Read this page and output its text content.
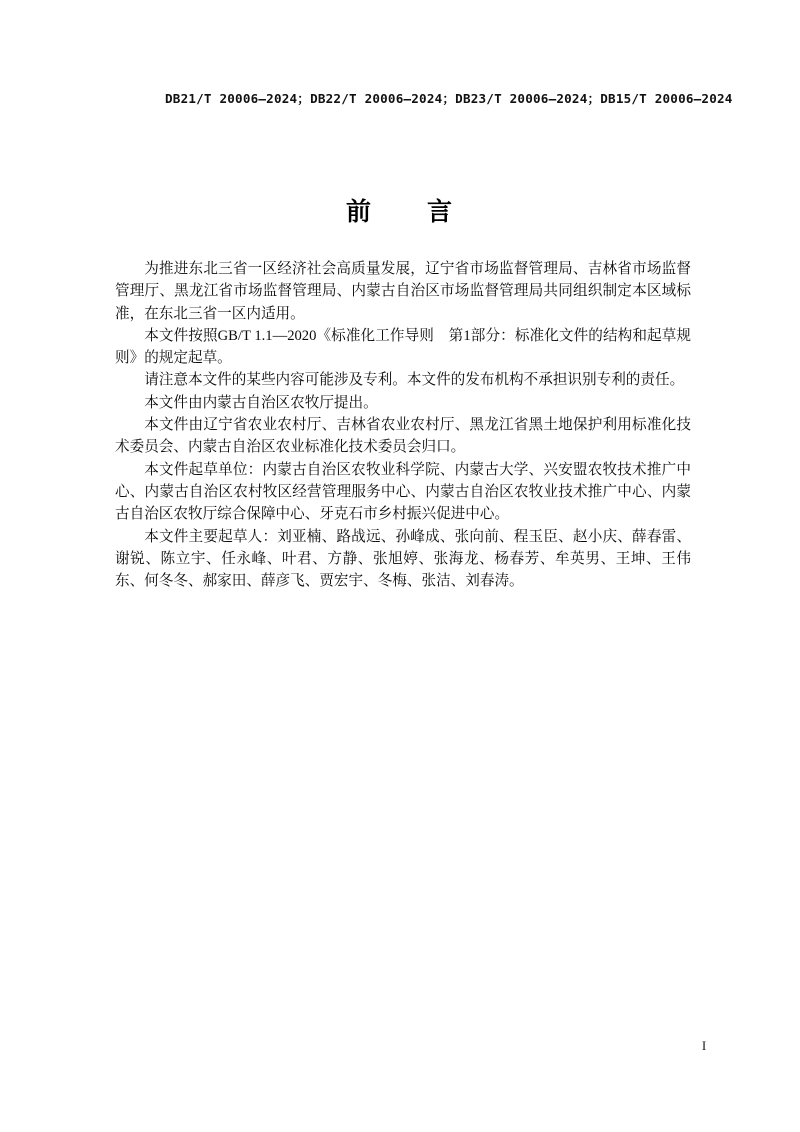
DB21/T 20006—2024；DB22/T 20006—2024；DB23/T 20006—2024；DB15/T 20006—2024
前　　言

为推进东北三省一区经济社会高质量发展，辽宁省市场监督管理局、吉林省市场监督管理厅、黑龙江省市场监督管理局、内蒙古自治区市场监督管理局共同组织制定本区域标准，在东北三省一区内适用。

本文件按照GB/T 1.1—2020《标准化工作导则　第1部分：标准化文件的结构和起草规则》的规定起草。

请注意本文件的某些内容可能涉及专利。本文件的发布机构不承担识别专利的责任。

本文件由内蒙古自治区农牧厅提出。

本文件由辽宁省农业农村厅、吉林省农业农村厅、黑龙江省黑土地保护利用标准化技术委员会、内蒙古自治区农业标准化技术委员会归口。

本文件起草单位：内蒙古自治区农牧业科学院、内蒙古大学、兴安盟农牧技术推广中心、内蒙古自治区农村牧区经营管理服务中心、内蒙古自治区农牧业技术推广中心、内蒙古自治区农牧厅综合保障中心、牙克石市乡村振兴促进中心。

本文件主要起草人：刘亚楠、路战远、孙峰成、张向前、程玉臣、赵小庆、薛春雷、谢锐、陈立宇、任永峰、叶君、方静、张旭婷、张海龙、杨春芳、牟英男、王坤、王伟东、何冬冬、郝家田、薛彦飞、贾宏宇、冬梅、张洁、刘春涛。

I
